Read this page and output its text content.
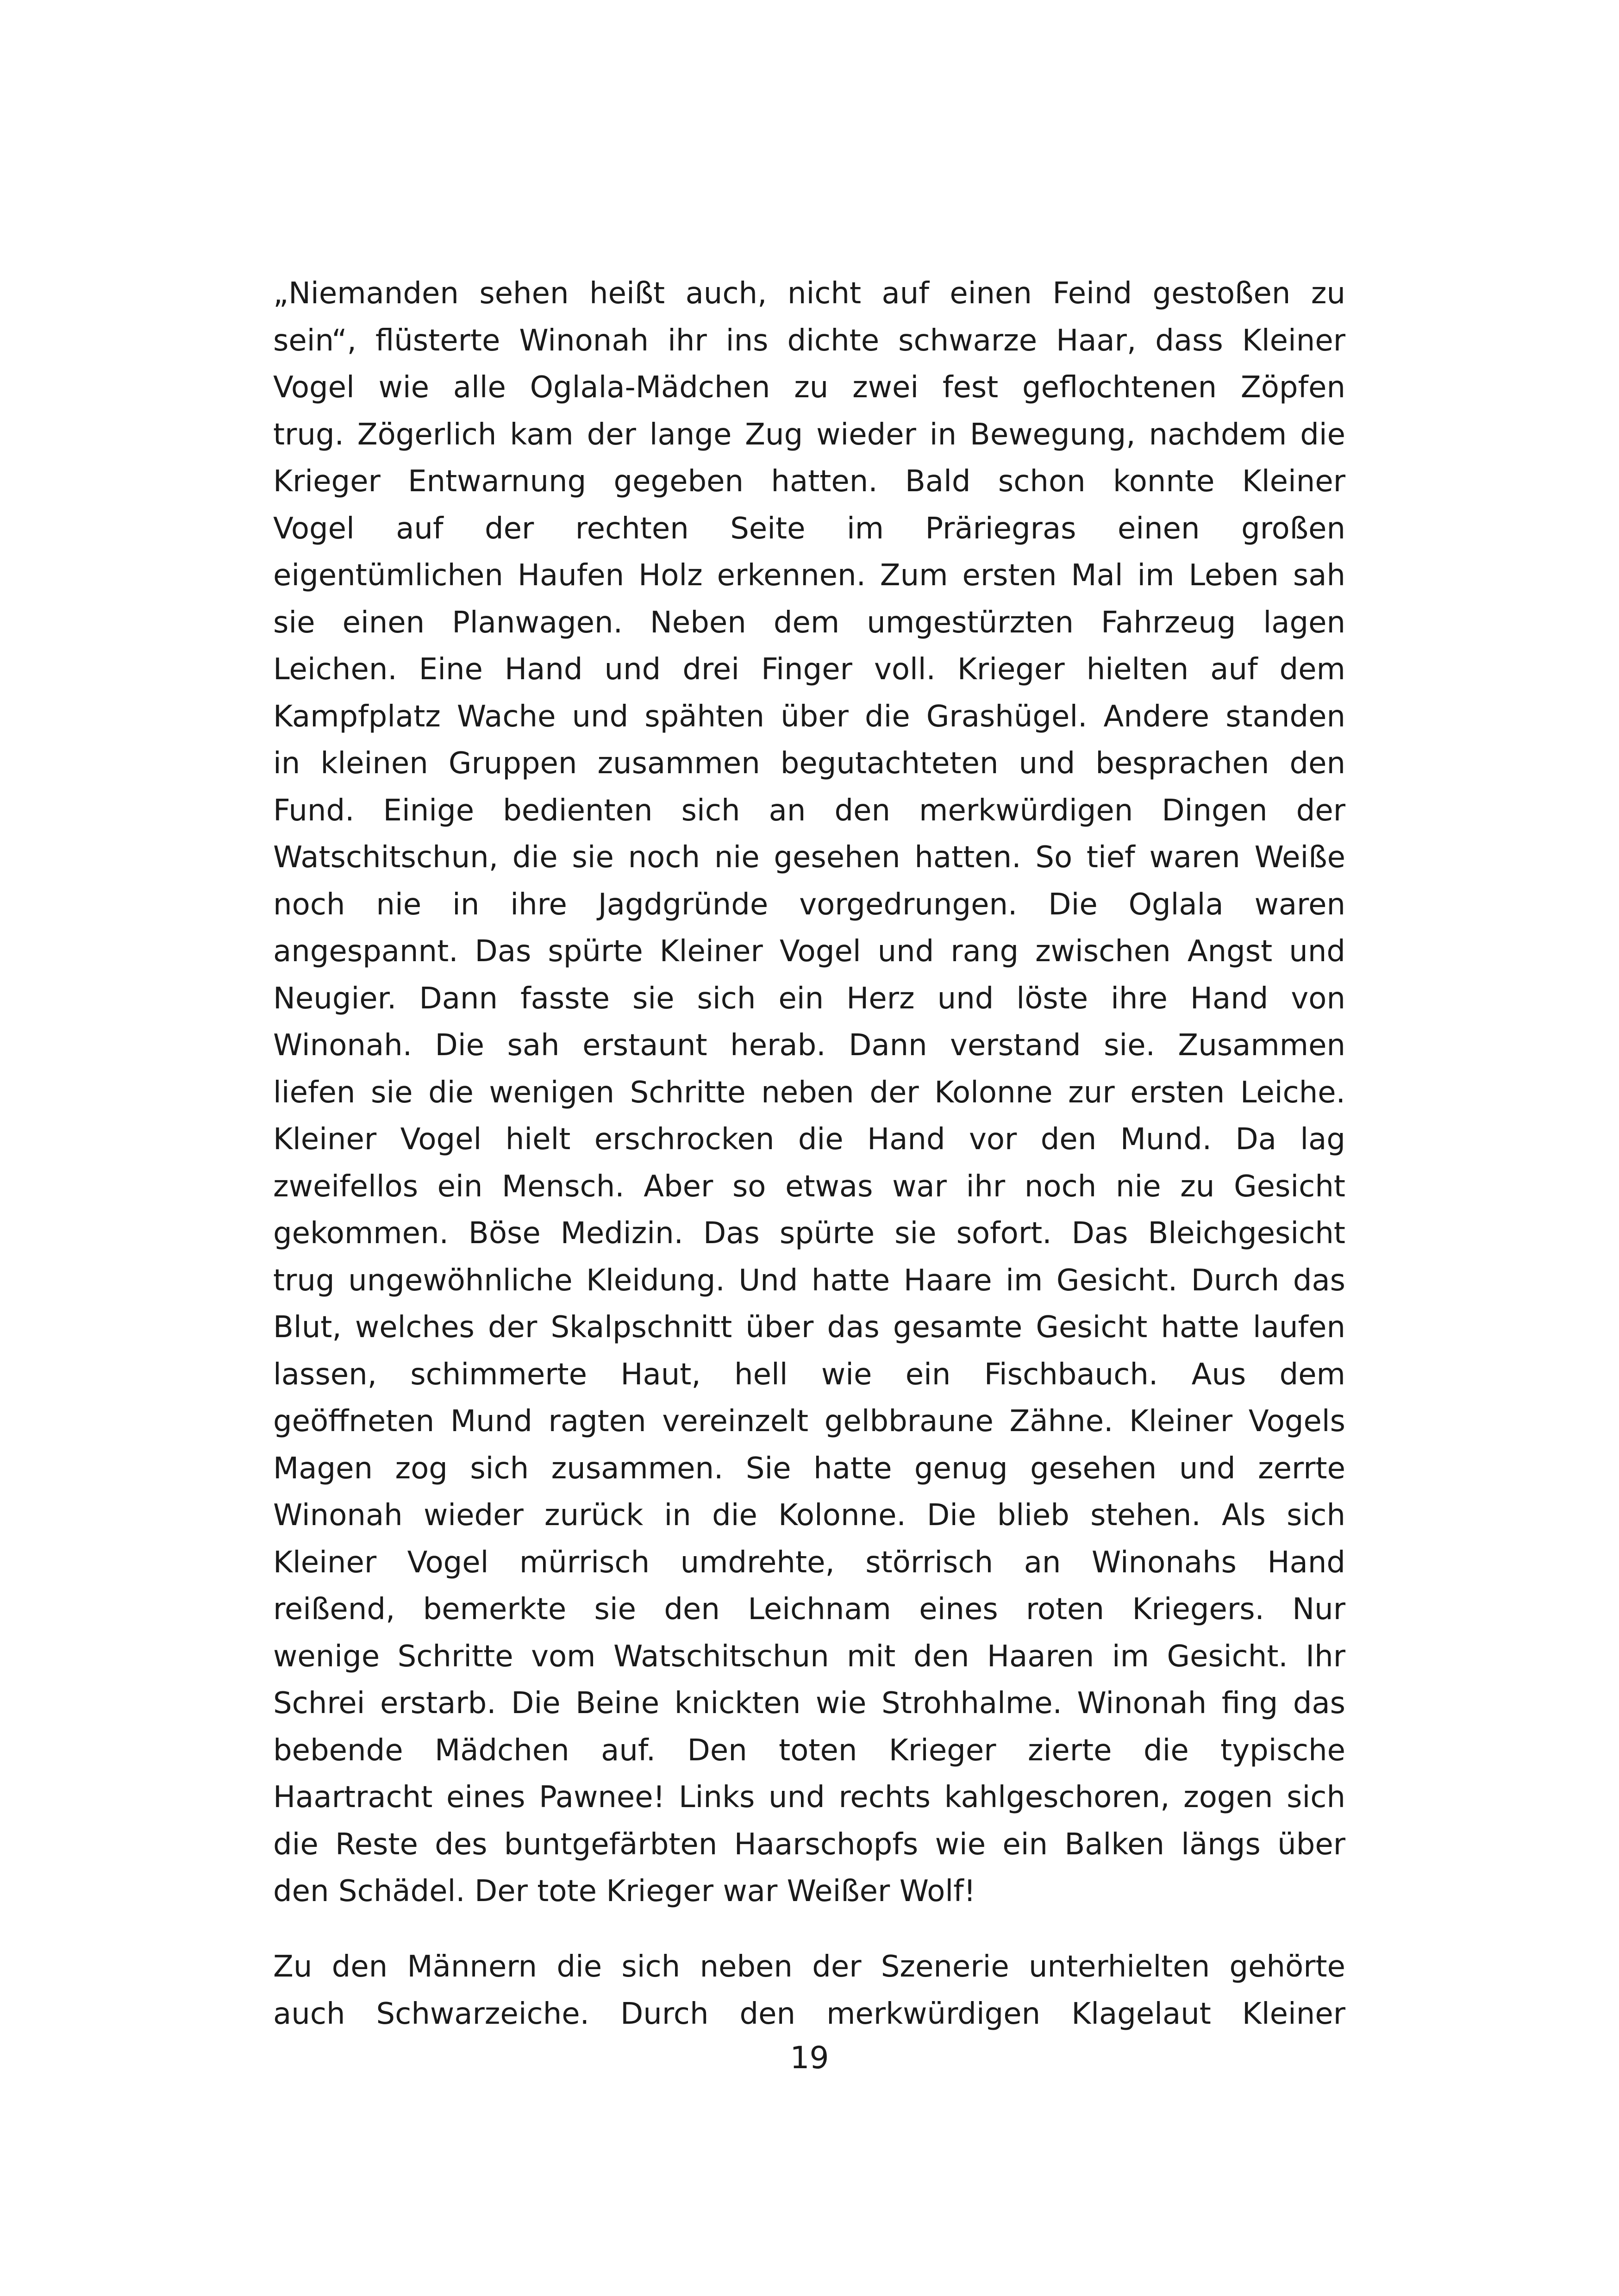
„Niemanden sehen heißt auch, nicht auf einen Feind gestoßen zu
sein“, flüsterte Winonah ihr ins dichte schwarze Haar, dass Kleiner
Vogel wie alle Oglala-Mädchen zu zwei fest geflochtenen Zöpfen
trug. Zögerlich kam der lange Zug wieder in Bewegung, nachdem die
Krieger Entwarnung gegeben hatten. Bald schon konnte Kleiner
Vogel auf der rechten Seite im Präriegras einen großen
eigentümlichen Haufen Holz erkennen. Zum ersten Mal im Leben sah
sie einen Planwagen. Neben dem umgestürzten Fahrzeug lagen
Leichen. Eine Hand und drei Finger voll. Krieger hielten auf dem
Kampfplatz Wache und spähten über die Grashügel. Andere standen
in kleinen Gruppen zusammen begutachteten und besprachen den
Fund. Einige bedienten sich an den merkwürdigen Dingen der
Watschitschun, die sie noch nie gesehen hatten. So tief waren Weiße
noch nie in ihre Jagdgründe vorgedrungen. Die Oglala waren
angespannt. Das spürte Kleiner Vogel und rang zwischen Angst und
Neugier. Dann fasste sie sich ein Herz und löste ihre Hand von
Winonah. Die sah erstaunt herab. Dann verstand sie. Zusammen
liefen sie die wenigen Schritte neben der Kolonne zur ersten Leiche.
Kleiner Vogel hielt erschrocken die Hand vor den Mund. Da lag
zweifellos ein Mensch. Aber so etwas war ihr noch nie zu Gesicht
gekommen. Böse Medizin. Das spürte sie sofort. Das Bleichgesicht
trug ungewöhnliche Kleidung. Und hatte Haare im Gesicht. Durch das
Blut, welches der Skalpschnitt über das gesamte Gesicht hatte laufen
lassen, schimmerte Haut, hell wie ein Fischbauch. Aus dem
geöffneten Mund ragten vereinzelt gelbbraune Zähne. Kleiner Vogels
Magen zog sich zusammen. Sie hatte genug gesehen und zerrte
Winonah wieder zurück in die Kolonne. Die blieb stehen. Als sich
Kleiner Vogel mürrisch umdrehte, störrisch an Winonahs Hand
reißend, bemerkte sie den Leichnam eines roten Kriegers. Nur
wenige Schritte vom Watschitschun mit den Haaren im Gesicht. Ihr
Schrei erstarb. Die Beine knickten wie Strohhalme. Winonah fing das
bebende Mädchen auf. Den toten Krieger zierte die typische
Haartracht eines Pawnee! Links und rechts kahlgeschoren, zogen sich
die Reste des buntgefärbten Haarschopfs wie ein Balken längs über
den Schädel. Der tote Krieger war Weißer Wolf!
Zu den Männern die sich neben der Szenerie unterhielten gehörte
auch Schwarzeiche. Durch den merkwürdigen Klagelaut Kleiner
19
